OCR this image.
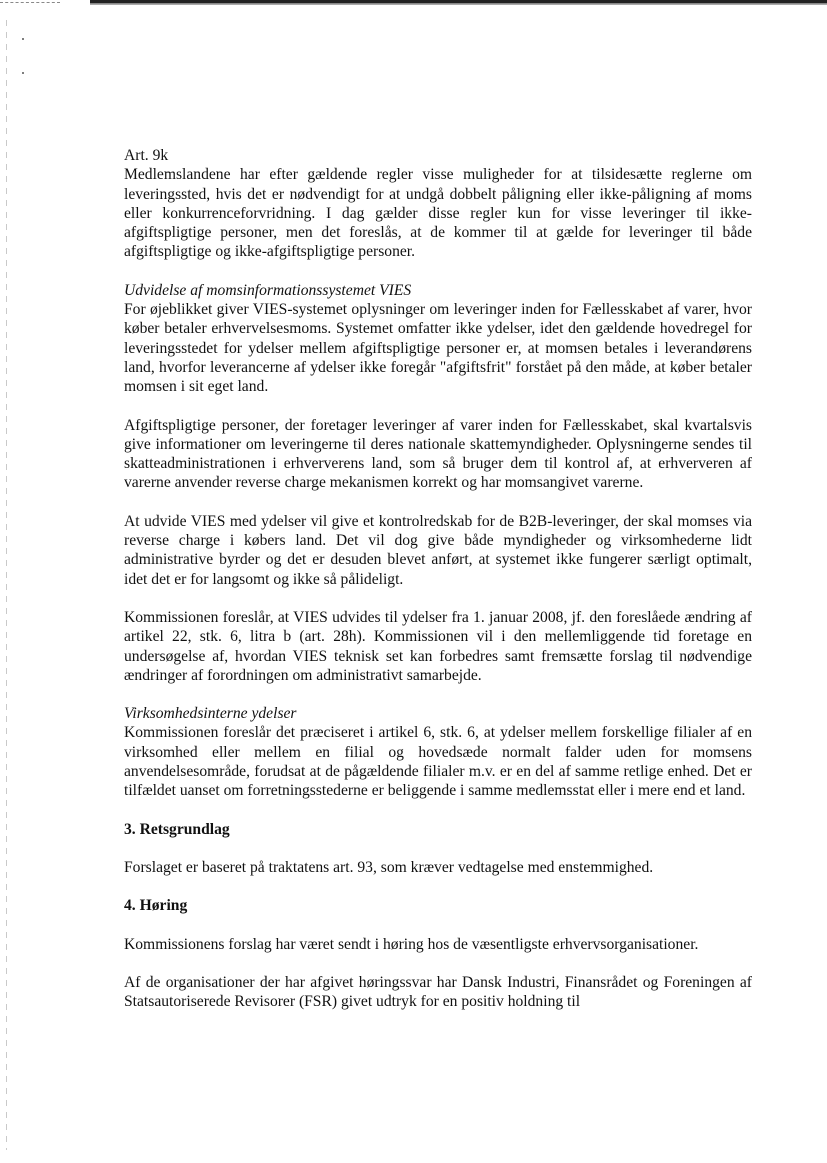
Art. 9k

Medlemslandene har efter gældende regler visse muligheder for at tilsidesætte reglerne om leveringssted, hvis det er nødvendigt for at undgå dobbelt påligning eller ikke-påligning af moms eller konkurrenceforvridning. I dag gælder disse regler kun for visse leveringer til ikke-afgiftspligtige personer, men det foreslås, at de kommer til at gælde for leveringer til både afgiftspligtige og ikke-afgiftspligtige personer.

Udvidelse af momsinformationssystemet VIES

For øjeblikket giver VIES-systemet oplysninger om leveringer inden for Fællesskabet af varer, hvor køber betaler erhvervelsesmoms. Systemet omfatter ikke ydelser, idet den gældende hovedregel for leveringsstedet for ydelser mellem afgiftspligtige personer er, at momsen betales i leverandørens land, hvorfor leverancerne af ydelser ikke foregår "afgiftsfrit" forstået på den måde, at køber betaler momsen i sit eget land.

Afgiftspligtige personer, der foretager leveringer af varer inden for Fællesskabet, skal kvartalsvis give informationer om leveringerne til deres nationale skattemyndigheder. Oplysningerne sendes til skatteadministrationen i erhververens land, som så bruger dem til kontrol af, at erhververen af varerne anvender reverse charge mekanismen korrekt og har momsangivet varerne.

At udvide VIES med ydelser vil give et kontrolredskab for de B2B-leveringer, der skal momses via reverse charge i købers land. Det vil dog give både myndigheder og virksomhederne lidt administrative byrder og det er desuden blevet anført, at systemet ikke fungerer særligt optimalt, idet det er for langsomt og ikke så pålideligt.

Kommissionen foreslår, at VIES udvides til ydelser fra 1. januar 2008, jf. den foreslåede ændring af artikel 22, stk. 6, litra b (art. 28h). Kommissionen vil i den mellemliggende tid foretage en undersøgelse af, hvordan VIES teknisk set kan forbedres samt fremsætte forslag til nødvendige ændringer af forordningen om administrativt samarbejde.

Virksomhedsinterne ydelser

Kommissionen foreslår det præciseret i artikel 6, stk. 6, at ydelser mellem forskellige filialer af en virksomhed eller mellem en filial og hovedsæde normalt falder uden for momsens anvendelsesområde, forudsat at de pågældende filialer m.v. er en del af samme retlige enhed. Det er tilfældet uanset om forretningsstederne er beliggende i samme medlemsstat eller i mere end et land.

3. Retsgrundlag

Forslaget er baseret på traktatens art. 93, som kræver vedtagelse med enstemmighed.

4. Høring

Kommissionens forslag har været sendt i høring hos de væsentligste erhvervsorganisationer.

Af de organisationer der har afgivet høringssvar har Dansk Industri, Finansrådet og Foreningen af Statsautoriserede Revisorer (FSR) givet udtryk for en positiv holdning til
